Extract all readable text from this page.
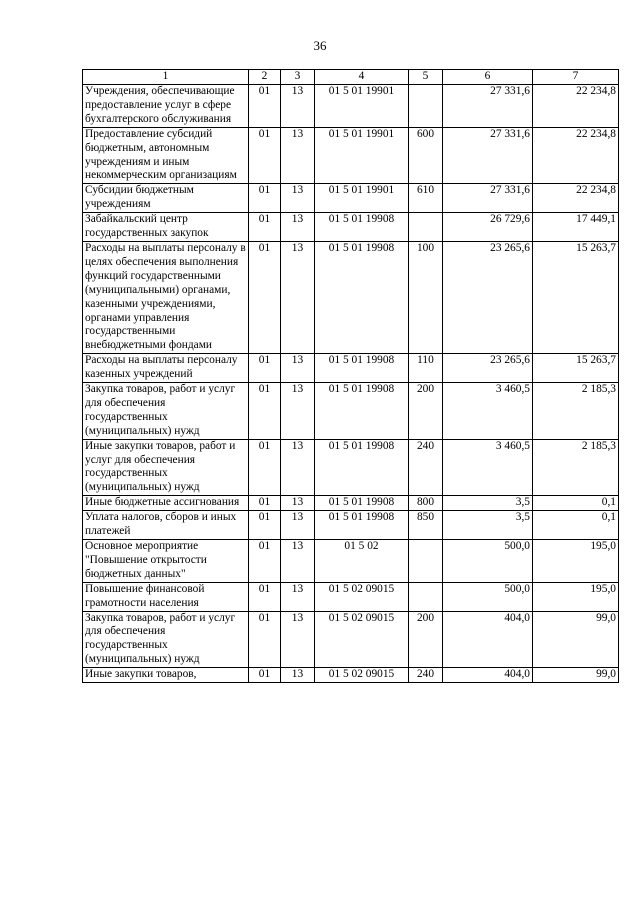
36
1	2	3	4	5	6	7
Учреждения, обеспечивающие предоставление услуг в сфере бухгалтерского обслуживания	01	13	01 5 01 19901		27 331,6	22 234,8
Предоставление субсидий бюджетным, автономным учреждениям и иным некоммерческим организациям	01	13	01 5 01 19901	600	27 331,6	22 234,8
Субсидии бюджетным учреждениям	01	13	01 5 01 19901	610	27 331,6	22 234,8
Забайкальский центр государственных закупок	01	13	01 5 01 19908		26 729,6	17 449,1
Расходы на выплаты персоналу в целях обеспечения выполнения функций государственными (муниципальными) органами, казенными учреждениями, органами управления государственными внебюджетными фондами	01	13	01 5 01 19908	100	23 265,6	15 263,7
Расходы на выплаты персоналу казенных учреждений	01	13	01 5 01 19908	110	23 265,6	15 263,7
Закупка товаров, работ и услуг для обеспечения государственных (муниципальных) нужд	01	13	01 5 01 19908	200	3 460,5	2 185,3
Иные закупки товаров, работ и услуг для обеспечения государственных (муниципальных) нужд	01	13	01 5 01 19908	240	3 460,5	2 185,3
Иные бюджетные ассигнования	01	13	01 5 01 19908	800	3,5	0,1
Уплата налогов, сборов и иных платежей	01	13	01 5 01 19908	850	3,5	0,1
Основное мероприятие "Повышение открытости бюджетных данных"	01	13	01 5 02		500,0	195,0
Повышение финансовой грамотности населения	01	13	01 5 02 09015		500,0	195,0
Закупка товаров, работ и услуг для обеспечения государственных (муниципальных) нужд	01	13	01 5 02 09015	200	404,0	99,0
Иные закупки товаров,	01	13	01 5 02 09015	240	404,0	99,0
